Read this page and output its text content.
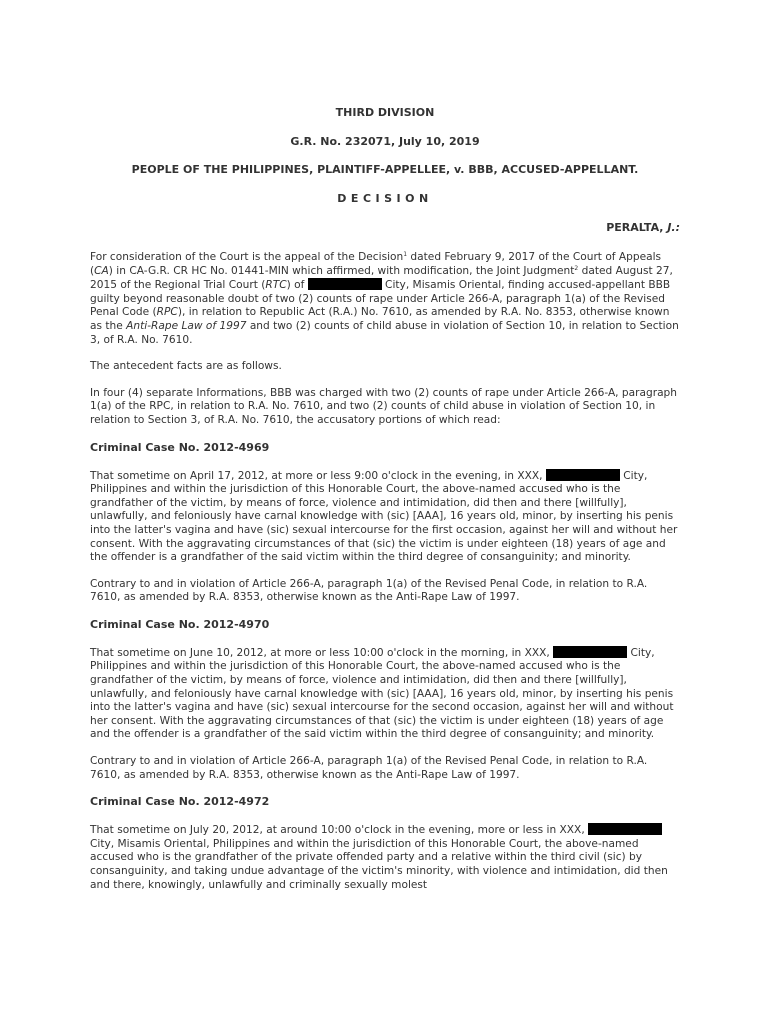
THIRD DIVISION

G.R. No. 232071, July 10, 2019

PEOPLE OF THE PHILIPPINES, PLAINTIFF-APPELLEE, v. BBB, ACCUSED-APPELLANT.

DECISION

PERALTA, J.:

For consideration of the Court is the appeal of the Decision$^1$ dated February 9, 2017 of the Court of Appeals (CA) in CA-G.R. CR HC No. 01441-MIN which affirmed, with modification, the Joint Judgment$^2$ dated August 27, 2015 of the Regional Trial Court (RTC) of	City, Misamis Oriental, finding accused-appellant BBB guilty beyond reasonable doubt of two (2) counts of rape under Article 266-A, paragraph 1(a) of the Revised Penal Code (RPC), in relation to Republic Act (R.A.) No. 7610, as amended by R.A. No. 8353, otherwise known as the Anti-Rape Law of 1997 and two (2) counts of child abuse in violation of Section 10, in relation to Section 3, of R.A. No. 7610.

The antecedent facts are as follows.

In four (4) separate Informations, BBB was charged with two (2) counts of rape under Article 266-A, paragraph 1(a) of the RPC, in relation to R.A. No. 7610, and two (2) counts of child abuse in violation of Section 10, in relation to Section 3, of R.A. No. 7610, the accusatory portions of which read:

Criminal Case No. 2012-4969

That sometime on April 17, 2012, at more or less 9:00 o'clock in the evening, in XXX,	City, Philippines and within the jurisdiction of this Honorable Court, the above-named accused who is the grandfather of the victim, by means of force, violence and intimidation, did then and there [willfully], unlawfully, and feloniously have carnal knowledge with (sic) [AAA], 16 years old, minor, by inserting his penis into the latter's vagina and have (sic) sexual intercourse for the first occasion, against her will and without her consent. With the aggravating circumstances of that (sic) the victim is under eighteen (18) years of age and the offender is a grandfather of the said victim within the third degree of consanguinity; and minority.

Contrary to and in violation of Article 266-A, paragraph 1(a) of the Revised Penal Code, in relation to R.A. 7610, as amended by R.A. 8353, otherwise known as the Anti-Rape Law of 1997.

Criminal Case No. 2012-4970

That sometime on June 10, 2012, at more or less 10:00 o'clock in the morning, in XXX,	City, Philippines and within the jurisdiction of this Honorable Court, the above-named accused who is the grandfather of the victim, by means of force, violence and intimidation, did then and there [willfully], unlawfully, and feloniously have carnal knowledge with (sic) [AAA], 16 years old, minor, by inserting his penis into the latter's vagina and have (sic) sexual intercourse for the second occasion, against her will and without her consent. With the aggravating circumstances of that (sic) the victim is under eighteen (18) years of age and the offender is a grandfather of the said victim within the third degree of consanguinity; and minority.

Contrary to and in violation of Article 266-A, paragraph 1(a) of the Revised Penal Code, in relation to R.A. 7610, as amended by R.A. 8353, otherwise known as the Anti-Rape Law of 1997.

Criminal Case No. 2012-4972

That sometime on July 20, 2012, at around 10:00 o'clock in the evening, more or less in XXX,  City, Misamis Oriental, Philippines and within the jurisdiction of this Honorable Court, the above-named accused who is the grandfather of the private offended party and a relative within the third civil (sic) by consanguinity, and taking undue advantage of the victim's minority, with violence and intimidation, did then and there, knowingly, unlawfully and criminally sexually molest
